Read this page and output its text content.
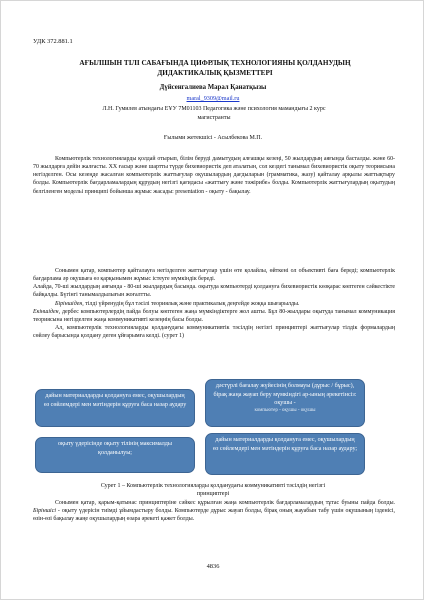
УДК 372.881.1
АҒЫЛШЫН ТІЛІ САБАҒЫНДА ЦИФРЛЫҚ ТЕХНОЛОГИЯНЫ ҚОЛДАНУДЫҢ
ДИДАКТИКАЛЫҚ ҚЫЗМЕТТЕРІ
Дүйсенгалиева Марал Қанатқызы
maral_9309@mail.ru
Л.Н. Гумилев атындағы ЕҰУ 7М01103 Педагогика және психология мамандығы 2 курс
магистранты
Ғылыми жетекшісі - Асылбекова М.П.

Компьютерлік технологияларды қолдай отырып, білім беруді дамытудың алғашқы кезеңі, 50 жылдардың аяғында басталды. және 60-70 жылдарға дейін жалғасты. ХХ ғасыр және шартты түрде бихевиористік деп аталатын, сол кездегі танымал бихевиористік оқыту теориясына негізделген. Осы кезеңде жасалған компьютерлік жаттығулар оқушылардың дағдыларын (грамматика, жазу) қайталау арқылы жаттықтыру болды. Компьютерлік бағдарламалардың құрудың негізгі қағидасы «жаттығу және тәжірибе» болды. Компьютерлік жаттығулардың оқытудың белгіленген модельі принципі бойынша жұмыс жасады: presentation - оқыту - бақылау.

Сонымен қатар, компьютер қайталауға негізделген жаттығулар үшін өте қолайлы, өйткені ол объективті баға береді; компьютерлік бағдарлама әр оқушыға өз қарқынымен жұмыс істеуге мүмкіндік береді.

Алайда, 70-ші жылдардың аяғында - 80-ші жылдардың басында. оқытуда компьютерді қолдануға бихевиористік көзқарас көптеген сәйкестікте байқалды. Бүгінгі танымалдылығын жоғалтты.

Біріншіден, тілді үйренудің бұл тәсілі теориялық және практикалық деңгейде жоққа шығарылды.

Екіншіден, дербес компьютерлердің пайда болуы көптеген жаңа мүмкіндіктерге жол ашты. Бұл 80-жылдары оқытуда танымал коммуникация теориясына негізделген жаңа коммуникативті кезеңнің басы болды.

Ал, компьютерлік технологияларды қолданудағы коммуникативтік тәсілдің негізгі принциптері жаттығулар тілдік формалардың сөйлеу барысында қолдану деген ұйғарымға келді. (сурет 1)

дайын материалдарды қолдануға емес, оқушылардың өз сөйлемдері мен мәтіндерін құруға баса назар аудару
оқыту үдерісінде оқыту тілінің максималды қолданылуы;
дәстүрлі бағалау жүйесінің болмауы (дұрыс / бұрыс), бірақ жаңа жауап беру мүмкіндігі ар-ының әрекетінсіз: оқушы -
компьютер - оқушы - оқушы
дайын материалдарды қолдануға емес, оқушылардың өз сөйлемдері мен мәтіндерін құруға баса назар аудару;
Сурет 1 – Компьютерлік технологияларды қолданудағы коммуникативті тәсілдің негізгі
принциптері

Сонымен қатар, қарым-қатынас принциптеріне сәйкес құрылған жаңа компьютерлік бағдарламалардың тұтас буыны пайда болды. Біріншісі - оқыту үдерісін тиімді ұйымдастыру болды. Компьютерде дұрыс жауап болды, бірақ оның жауабын табу үшін оқушының ізденісі, өзін-өзі бақылау жаңе оқушылардың өзара әрекеті қажет болды.

4836
